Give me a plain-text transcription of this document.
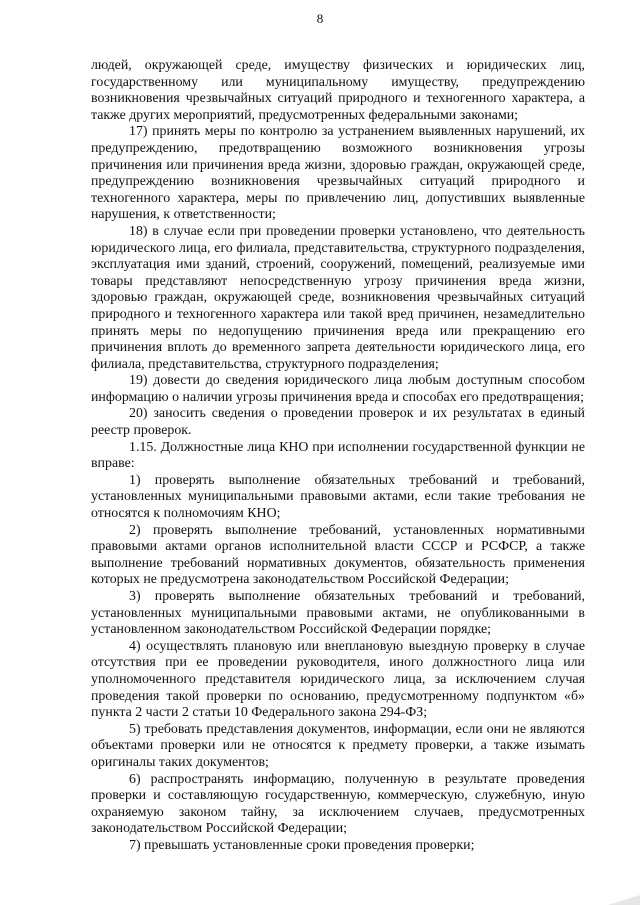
8

людей, окружающей среде, имуществу физических и юридических лиц, государственному или муниципальному имуществу, предупреждению возникновения чрезвычайных ситуаций природного и техногенного характера, а также других мероприятий, предусмотренных федеральными законами;

17) принять меры по контролю за устранением выявленных нарушений, их предупреждению, предотвращению возможного возникновения угрозы причинения или причинения вреда жизни, здоровью граждан, окружающей среде, предупреждению возникновения чрезвычайных ситуаций природного и техногенного характера, меры по привлечению лиц, допустивших выявленные нарушения, к ответственности;

18) в случае если при проведении проверки установлено, что деятельность юридического лица, его филиала, представительства, структурного подразделения, эксплуатация ими зданий, строений, сооружений, помещений, реализуемые ими товары представляют непосредственную угрозу причинения вреда жизни, здоровью граждан, окружающей среде, возникновения чрезвычайных ситуаций природного и техногенного характера или такой вред причинен, незамедлительно принять меры по недопущению причинения вреда или прекращению его причинения вплоть до временного запрета деятельности юридического лица, его филиала, представительства, структурного подразделения;

19) довести до сведения юридического лица любым доступным способом информацию о наличии угрозы причинения вреда и способах его предотвращения;

20) заносить сведения о проведении проверок и их результатах в единый реестр проверок.

1.15. Должностные лица КНО при исполнении государственной функции не вправе:

1) проверять выполнение обязательных требований и требований, установленных муниципальными правовыми актами, если такие требования не относятся к полномочиям КНО;

2) проверять выполнение требований, установленных нормативными правовыми актами органов исполнительной власти СССР и РСФСР, а также выполнение требований нормативных документов, обязательность применения которых не предусмотрена законодательством Российской Федерации;

3) проверять выполнение обязательных требований и требований, установленных муниципальными правовыми актами, не опубликованными в установленном законодательством Российской Федерации порядке;

4) осуществлять плановую или внеплановую выездную проверку в случае отсутствия при ее проведении руководителя, иного должностного лица или уполномоченного представителя юридического лица, за исключением случая проведения такой проверки по основанию, предусмотренному подпунктом «б» пункта 2 части 2 статьи 10 Федерального закона 294-ФЗ;

5) требовать представления документов, информации, если они не являются объектами проверки или не относятся к предмету проверки, а также изымать оригиналы таких документов;

6) распространять информацию, полученную в результате проведения проверки и составляющую государственную, коммерческую, служебную, иную охраняемую законом тайну, за исключением случаев, предусмотренных законодательством Российской Федерации;

7) превышать установленные сроки проведения проверки;
